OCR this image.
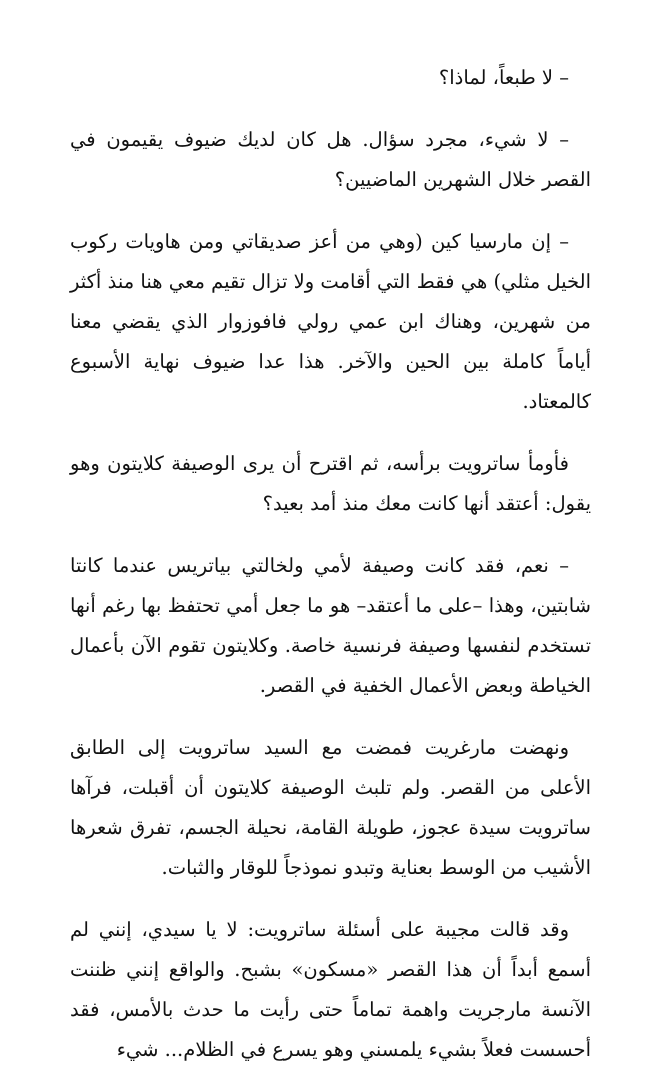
– لا طبعاً، لماذا؟

– لا شيء، مجرد سؤال. هل كان لديك ضيوف يقيمون في القصر خلال الشهرين الماضيين؟

– إن مارسيا كين (وهي من أعز صديقاتي ومن هاويات ركوب الخيل مثلي) هي فقط التي أقامت ولا تزال تقيم معي هنا منذ أكثر من شهرين، وهناك ابن عمي رولي فافوزوار الذي يقضي معنا أياماً كاملة بين الحين والآخر. هذا عدا ضيوف نهاية الأسبوع كالمعتاد.

فأومأ ساترويت برأسه، ثم اقترح أن يرى الوصيفة كلايتون وهو يقول: أعتقد أنها كانت معك منذ أمد بعيد؟

– نعم، فقد كانت وصيفة لأمي ولخالتي بياتريس عندما كانتا شابتين، وهذا –على ما أعتقد– هو ما جعل أمي تحتفظ بها رغم أنها تستخدم لنفسها وصيفة فرنسية خاصة. وكلايتون تقوم الآن بأعمال الخياطة وبعض الأعمال الخفية في القصر.

ونهضت مارغريت فمضت مع السيد ساترويت إلى الطابق الأعلى من القصر. ولم تلبث الوصيفة كلايتون أن أقبلت، فرآها ساترويت سيدة عجوز، طويلة القامة، نحيلة الجسم، تفرق شعرها الأشيب من الوسط بعناية وتبدو نموذجاً للوقار والثبات.

وقد قالت مجيبة على أسئلة ساترويت: لا يا سيدي، إنني لم أسمع أبداً أن هذا القصر «مسكون» بشبح. والواقع إنني ظننت الآنسة مارجريت واهمة تماماً حتى رأيت ما حدث بالأمس، فقد أحسست فعلاً بشيء يلمسني وهو يسرع في الظلام... شيء
